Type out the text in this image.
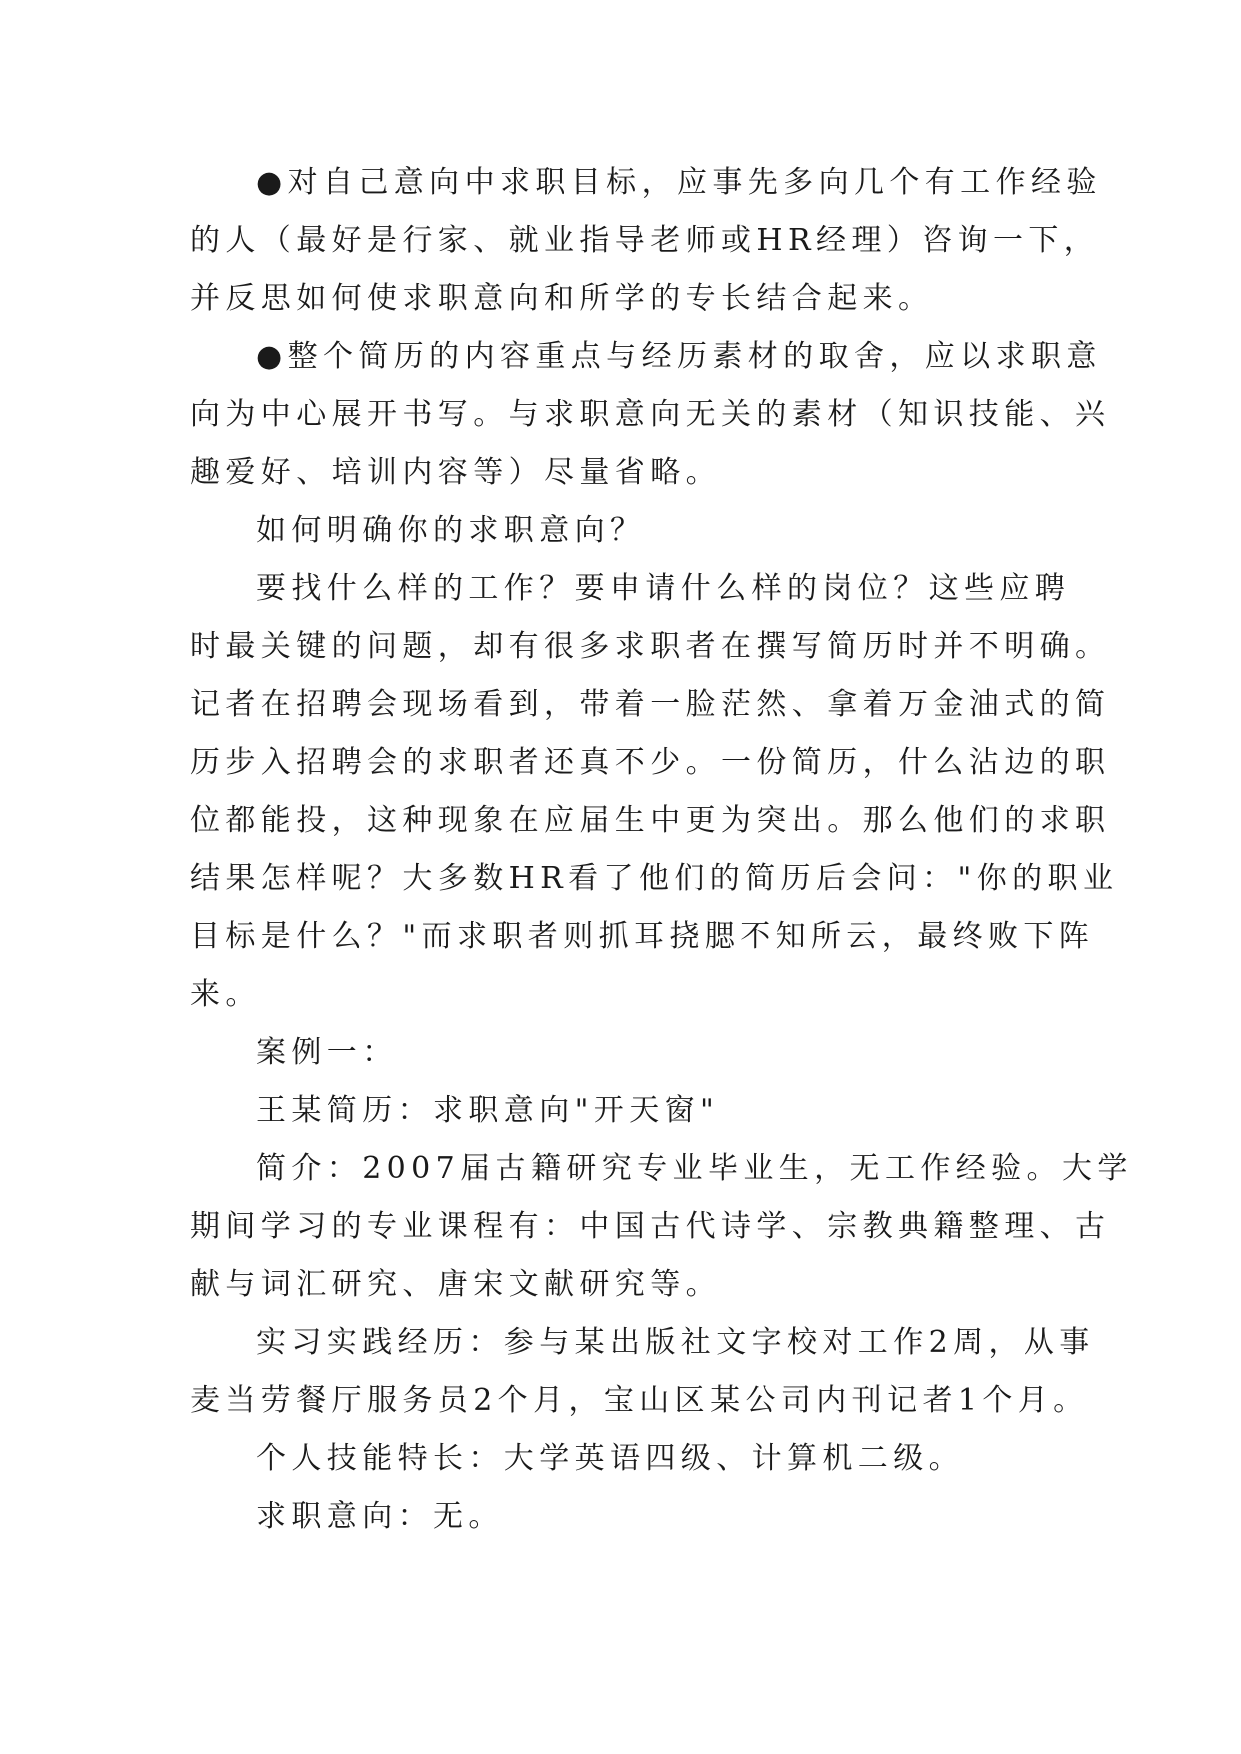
●对自己意向中求职目标，应事先多向几个有工作经验
的人（最好是行家、就业指导老师或HR经理）咨询一下，
并反思如何使求职意向和所学的专长结合起来。
●整个简历的内容重点与经历素材的取舍，应以求职意
向为中心展开书写。与求职意向无关的素材（知识技能、兴
趣爱好、培训内容等）尽量省略。
如何明确你的求职意向？
要找什么样的工作？要申请什么样的岗位？这些应聘
时最关键的问题，却有很多求职者在撰写简历时并不明确。
记者在招聘会现场看到，带着一脸茫然、拿着万金油式的简
历步入招聘会的求职者还真不少。一份简历，什么沾边的职
位都能投，这种现象在应届生中更为突出。那么他们的求职
结果怎样呢？大多数HR看了他们的简历后会问："你的职业
目标是什么？"而求职者则抓耳挠腮不知所云，最终败下阵
来。
案例一：
王某简历：求职意向"开天窗"
简介：2007届古籍研究专业毕业生，无工作经验。大学
期间学习的专业课程有：中国古代诗学、宗教典籍整理、古
献与词汇研究、唐宋文献研究等。
实习实践经历：参与某出版社文字校对工作2周，从事
麦当劳餐厅服务员2个月，宝山区某公司内刊记者1个月。
个人技能特长：大学英语四级、计算机二级。
求职意向：无。
